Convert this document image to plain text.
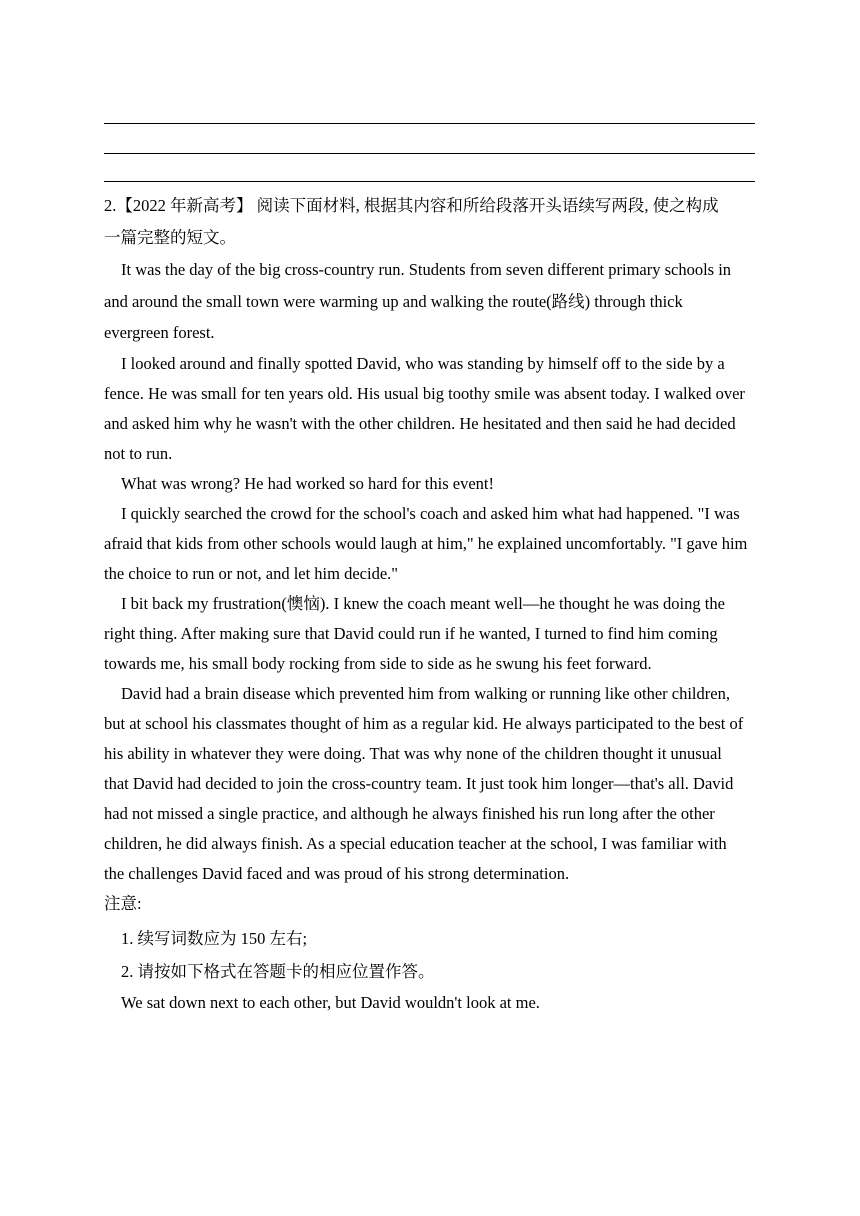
2.【2022 年新高考】 阅读下面材料, 根据其内容和所给段落开头语续写两段, 使之构成

一篇完整的短文。

It was the day of the big cross-country run. Students from seven different primary schools in and around the small town were warming up and walking the route(路线) through thick evergreen forest.

I looked around and finally spotted David, who was standing by himself off to the side by a fence. He was small for ten years old. His usual big toothy smile was absent today. I walked over and asked him why he wasn't with the other children. He hesitated and then said he had decided not to run.

What was wrong? He had worked so hard for this event!

I quickly searched the crowd for the school's coach and asked him what had happened. "I was afraid that kids from other schools would laugh at him," he explained uncomfortably. "I gave him the choice to run or not, and let him decide."

I bit back my frustration(懊恼). I knew the coach meant well—he thought he was doing the right thing. After making sure that David could run if he wanted, I turned to find him coming towards me, his small body rocking from side to side as he swung his feet forward.

David had a brain disease which prevented him from walking or running like other children, but at school his classmates thought of him as a regular kid. He always participated to the best of his ability in whatever they were doing. That was why none of the children thought it unusual that David had decided to join the cross-country team. It just took him longer—that's all. David had not missed a single practice, and although he always finished his run long after the other children, he did always finish. As a special education teacher at the school, I was familiar with the challenges David faced and was proud of his strong determination.

注意:

1. 续写词数应为 150 左右;

2. 请按如下格式在答题卡的相应位置作答。

We sat down next to each other, but David wouldn't look at me.
